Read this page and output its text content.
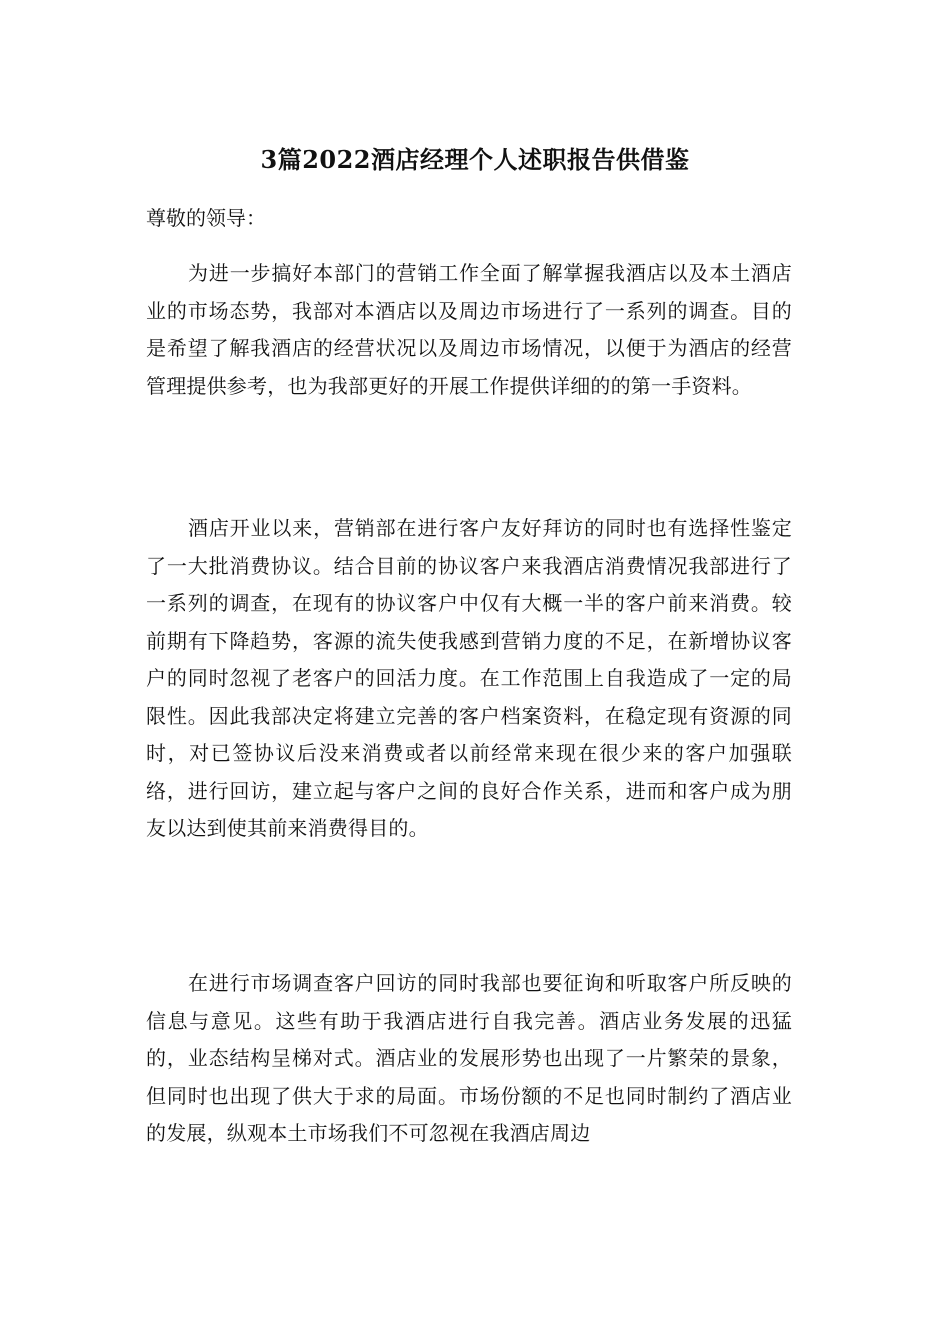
3篇2022酒店经理个人述职报告供借鉴
尊敬的领导：

为进一步搞好本部门的营销工作全面了解掌握我酒店以及本土酒店业的市场态势，我部对本酒店以及周边市场进行了一系列的调查。目的是希望了解我酒店的经营状况以及周边市场情况，以便于为酒店的经营管理提供参考，也为我部更好的开展工作提供详细的的第一手资料。

酒店开业以来，营销部在进行客户友好拜访的同时也有选择性鉴定了一大批消费协议。结合目前的协议客户来我酒店消费情况我部进行了一系列的调查，在现有的协议客户中仅有大概一半的客户前来消费。较前期有下降趋势，客源的流失使我感到营销力度的不足，在新增协议客户的同时忽视了老客户的回活力度。在工作范围上自我造成了一定的局限性。因此我部决定将建立完善的客户档案资料，在稳定现有资源的同时，对已签协议后没来消费或者以前经常来现在很少来的客户加强联络，进行回访，建立起与客户之间的良好合作关系，进而和客户成为朋友以达到使其前来消费得目的。

在进行市场调查客户回访的同时我部也要征询和听取客户所反映的信息与意见。这些有助于我酒店进行自我完善。酒店业务发展的迅猛的，业态结构呈梯对式。酒店业的发展形势也出现了一片繁荣的景象，但同时也出现了供大于求的局面。市场份额的不足也同时制约了酒店业的发展，纵观本土市场我们不可忽视在我酒店周边
